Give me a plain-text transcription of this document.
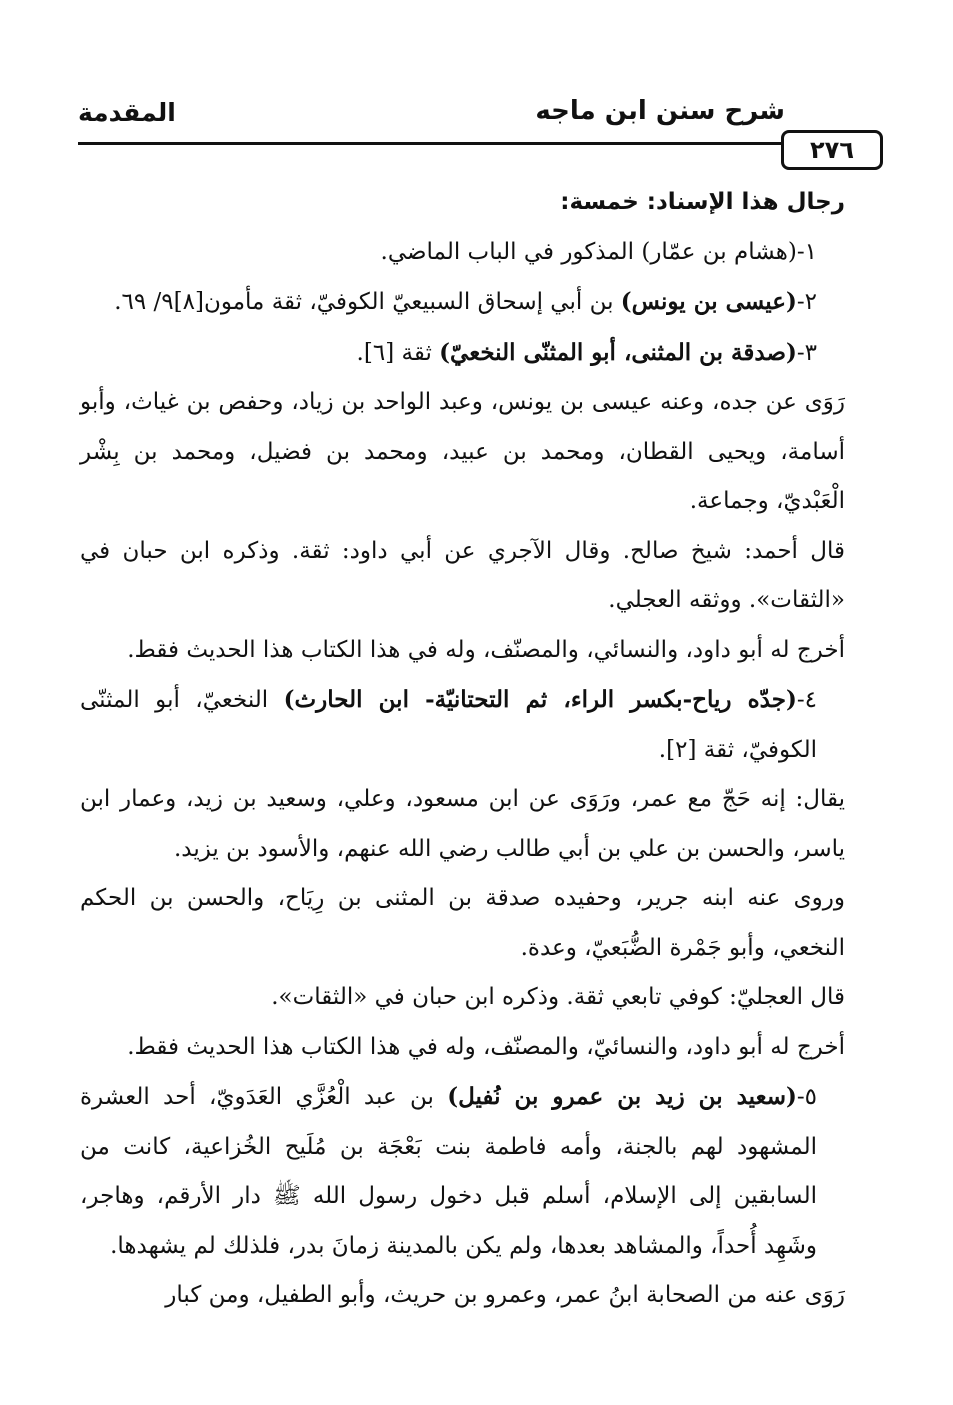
المقدمة	شرح سنن ابن ماجه
٢٧٦

رجال هذا الإسناد: خمسة:

١-(هشام بن عمّار) المذكور في الباب الماضي.

٢-(عيسى بن يونس) بن أبي إسحاق السبيعيّ الكوفيّ، ثقة مأمون[٨]٩/ ٦٩.

٣-(صدقة بن المثنى، أبو المثنّى النخعيّ) ثقة [٦].

رَوَى عن جده، وعنه عيسى بن يونس، وعبد الواحد بن زياد، وحفص بن غياث، وأبو أسامة، ويحيى القطان، ومحمد بن عبيد، ومحمد بن فضيل، ومحمد بن بِشْر الْعَبْديّ، وجماعة.

قال أحمد: شيخ صالح. وقال الآجري عن أبي داود: ثقة. وذكره ابن حبان في «الثقات». ووثقه العجلي.

أخرج له أبو داود، والنسائي، والمصنّف، وله في هذا الكتاب هذا الحديث فقط.

٤-(جدّه رياح-بكسر الراء، ثم التحتانيّة- ابن الحارث) النخعيّ، أبو المثنّى الكوفيّ، ثقة [٢].

يقال: إنه حَجّ مع عمر، ورَوَى عن ابن مسعود، وعلي، وسعيد بن زيد، وعمار ابن ياسر، والحسن بن علي بن أبي طالب رضي الله عنهم، والأسود بن يزيد.

وروى عنه ابنه جرير، وحفيده صدقة بن المثنى بن رِيَاح، والحسن بن الحكم النخعي، وأبو جَمْرة الضُّبَعيّ، وعدة.

قال العجليّ: كوفي تابعي ثقة. وذكره ابن حبان في «الثقات».

أخرج له أبو داود، والنسائيّ، والمصنّف، وله في هذا الكتاب هذا الحديث فقط.

٥-(سعيد بن زيد بن عمرو بن نُفيل) بن عبد الْعُزَّي العَدَويّ، أحد العشرة المشهود لهم بالجنة، وأمه فاطمة بنت بَعْجَة بن مُلَيح الخُزاعية، كانت من السابقين إلى الإسلام، أسلم قبل دخول رسول الله ﷺ دار الأرقم، وهاجر، وشَهِد أُحداً، والمشاهد بعدها، ولم يكن بالمدينة زمانَ بدر، فلذلك لم يشهدها.

رَوَى عنه من الصحابة ابنُ عمر، وعمرو بن حريث، وأبو الطفيل، ومن كبار
